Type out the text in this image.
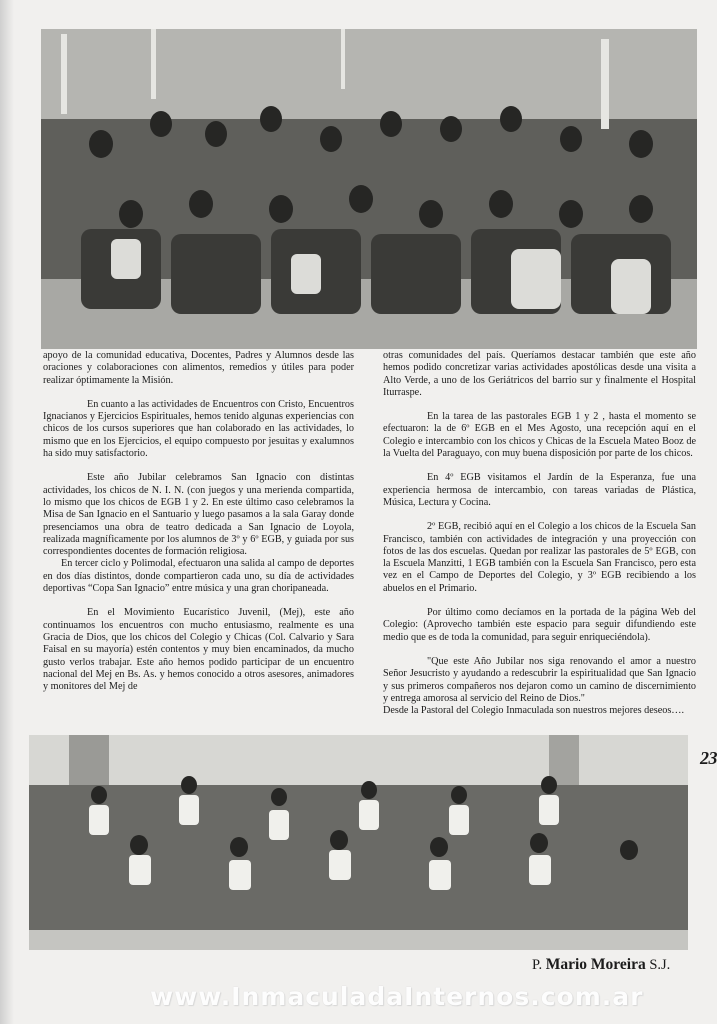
apoyo de la comunidad educativa, Docentes, Padres y Alumnos desde las oraciones y colaboraciones con alimentos, remedios y útiles para poder realizar óptimamente la Misión.

En cuanto a las actividades de Encuentros con Cristo, Encuentros Ignacianos y Ejercicios Espirituales, hemos tenido algunas experiencias con chicos de los cursos superiores que han colaborado en las actividades, lo mismo que en los Ejercicios, el equipo compuesto por jesuitas y exalumnos ha sido muy satisfactorio.

Este año Jubilar celebramos San Ignacio con distintas actividades, los chicos de N. I. N. (con juegos y una merienda compartida, lo mismo que los chicos de EGB 1 y 2. En este último caso celebramos la Misa de San Ignacio en el Santuario y luego pasamos a la sala Garay donde presenciamos una obra de teatro dedicada a San Ignacio de Loyola, realizada magníficamente por los alumnos de 3º y 6º EGB, y guiada por sus correspondientes docentes de formación religiosa.

En tercer ciclo y Polimodal, efectuaron una salida al campo de deportes en dos días distintos, donde compartieron cada uno, su día de actividades deportivas “Copa San Ignacio” entre música y una gran choripaneada.

En el Movimiento Eucarístico Juvenil, (Mej), este año continuamos los encuentros con mucho entusiasmo, realmente es una Gracia de Dios, que los chicos del Colegio y Chicas (Col. Calvario y Sara Faisal en su mayoría) estén contentos y muy bien encaminados, da mucho gusto verlos trabajar. Este año hemos podido participar de un encuentro nacional del Mej en Bs. As. y hemos conocido a otros asesores, animadores y monitores del Mej de

otras comunidades del país. Queríamos destacar también que este año hemos podido concretizar varias actividades apostólicas desde una visita a Alto Verde, a uno de los Geriátricos del barrio sur y finalmente el Hospital Iturraspe.

En la tarea de las pastorales EGB 1 y 2 , hasta el momento se efectuaron: la de 6º EGB en el Mes Agosto, una recepción aquí en el Colegio e intercambio con los chicos y Chicas de la Escuela Mateo Booz de la Vuelta del Paraguayo, con muy buena disposición por parte de los chicos.

En 4º EGB visitamos el Jardín de la Esperanza, fue una experiencia hermosa de intercambio, con tareas variadas de Plástica, Música, Lectura y Cocina.

2º EGB, recibió aquí en el Colegio a los chicos de la Escuela San Francisco, también con actividades de integración y una proyección con fotos de las dos escuelas. Quedan por realizar las pastorales de 5º EGB, con la Escuela Manzitti, 1 EGB también con la Escuela San Francisco, pero esta vez en el Campo de Deportes del Colegio, y 3º EGB recibiendo a los abuelos en el Primario.

Por último como decíamos en la portada de la página Web del Colegio: (Aprovecho también este espacio para seguir difundiendo este medio que es de toda la comunidad, para seguir enriqueciéndola).

"Que este Año Jubilar nos siga renovando el amor a nuestro Señor Jesucristo y ayudando a redescubrir la espiritualidad que San Ignacio y sus primeros compañeros nos dejaron como un camino de discernimiento y entrega amorosa al servicio del Reino de Dios."

Desde la Pastoral del Colegio Inmaculada son nuestros mejores deseos….

23
P. Mario Moreira S.J.
www.InmaculadaInternos.com.ar
